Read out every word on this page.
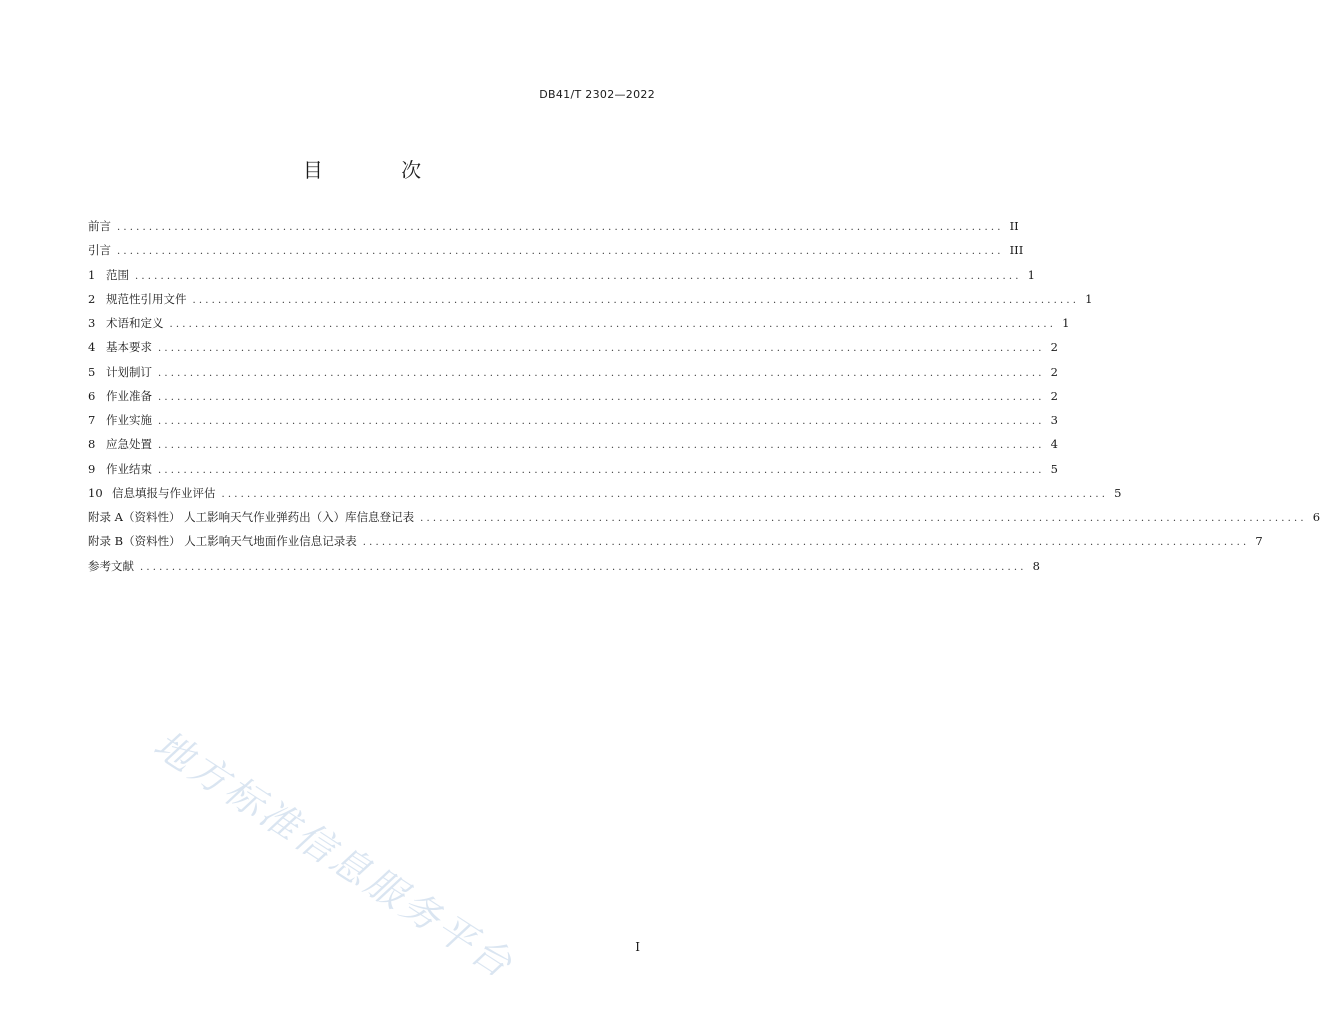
DB41/T 2302—2022
目 次
前言 ........................................................................................................................................... II
引言 ........................................................................................................................................... III
1 范围 ........................................................................................................................................... 1
2 规范性引用文件 ........................................................................................................................................... 1
3 术语和定义 ........................................................................................................................................... 1
4 基本要求 ........................................................................................................................................... 2
5 计划制订 ........................................................................................................................................... 2
6 作业准备 ........................................................................................................................................... 2
7 作业实施 ........................................................................................................................................... 3
8 应急处置 ........................................................................................................................................... 4
9 作业结束 ........................................................................................................................................... 5
10 信息填报与作业评估 ........................................................................................................................................... 5
附录 A（资料性） 人工影响天气作业弹药出（入）库信息登记表 ........................................................................................................................................... 6
附录 B（资料性） 人工影响天气地面作业信息记录表 ........................................................................................................................................... 7
参考文献 ........................................................................................................................................... 8
地方标准信息服务平台	I
